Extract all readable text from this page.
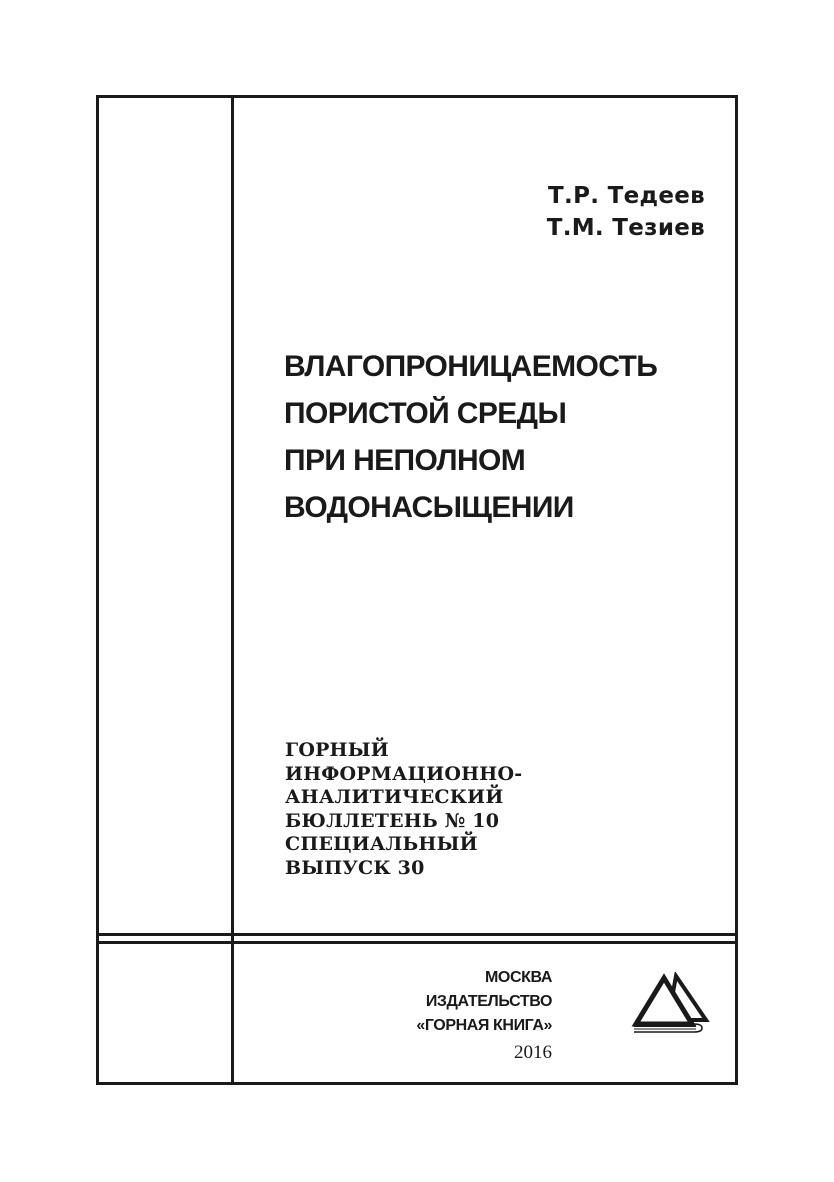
Т.Р. Тедеев
Т.М. Тезиев
ВЛАГОПРОНИЦАЕМОСТЬ
ПОРИСТОЙ СРЕДЫ
ПРИ НЕПОЛНОМ
ВОДОНАСЫЩЕНИИ
ГОРНЫЙ
ИНФОРМАЦИОННО-
АНАЛИТИЧЕСКИЙ
БЮЛЛЕТЕНЬ № 10
СПЕЦИАЛЬНЫЙ
ВЫПУСК 30
МОСКВА
ИЗДАТЕЛЬСТВО
«ГОРНАЯ КНИГА»
2016
